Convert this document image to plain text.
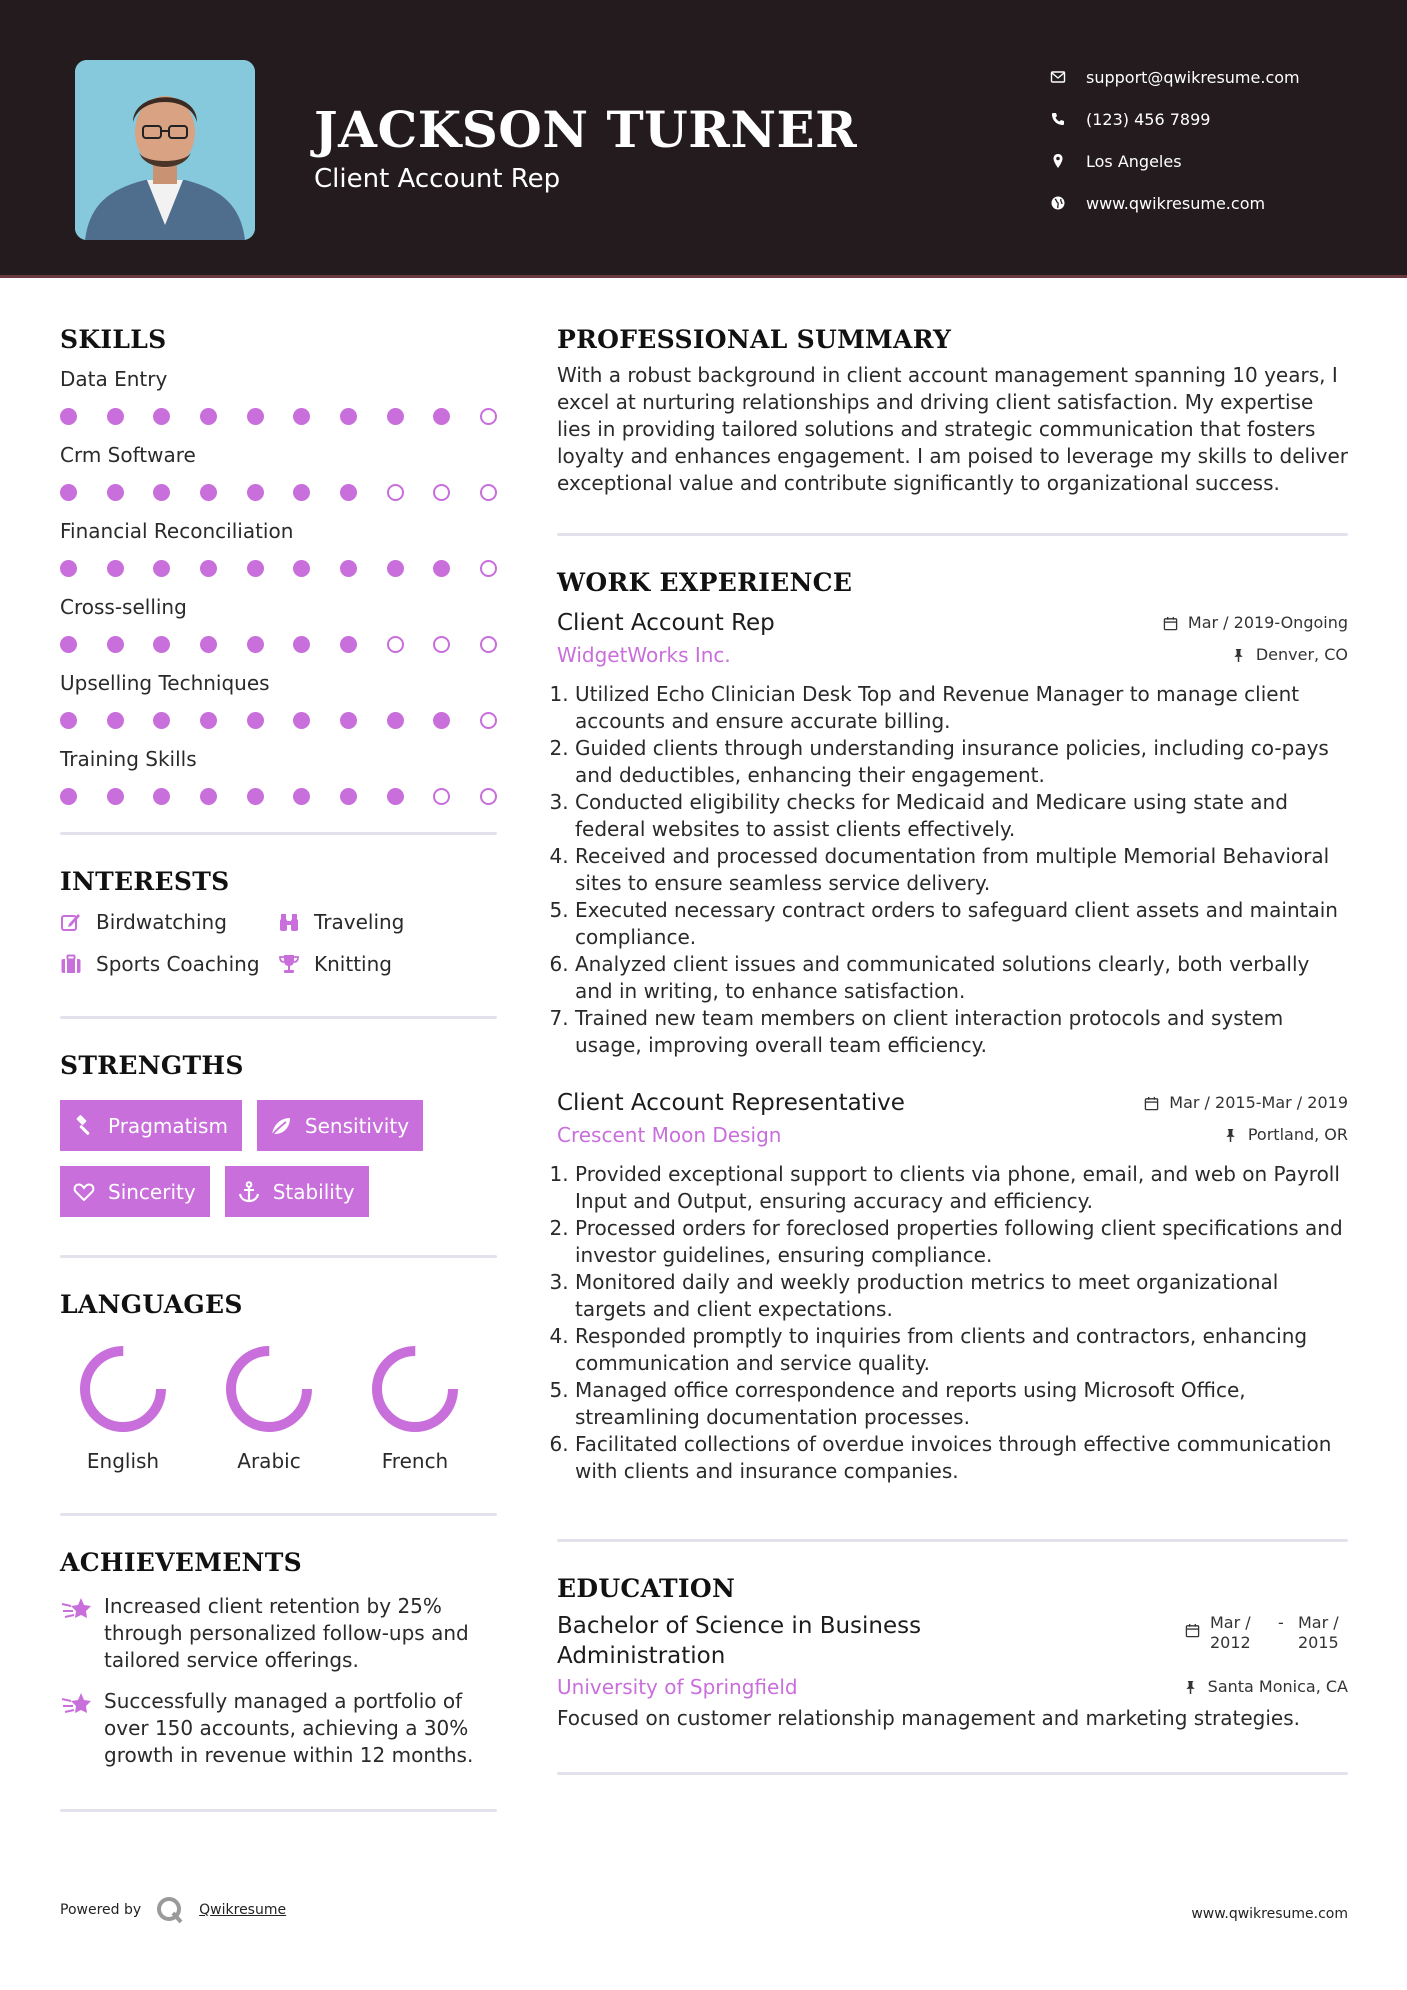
JACKSON TURNER
Client Account Rep
support@qwikresume.com
(123) 456 7899
Los Angeles
www.qwikresume.com
SKILLS
Data Entry
Crm Software
Financial Reconciliation
Cross-selling
Upselling Techniques
Training Skills
INTERESTS
Birdwatching	Traveling
Sports Coaching	Knitting
STRENGTHS
Pragmatism	Sensitivity
Sincerity	Stability
LANGUAGES
English	Arabic	French
ACHIEVEMENTS
Increased client retention by 25% through personalized follow-ups and tailored service offerings.
Successfully managed a portfolio of over 150 accounts, achieving a 30% growth in revenue within 12 months.
PROFESSIONAL SUMMARY
With a robust background in client account management spanning 10 years, I excel at nurturing relationships and driving client satisfaction. My expertise lies in providing tailored solutions and strategic communication that fosters loyalty and enhances engagement. I am poised to leverage my skills to deliver exceptional value and contribute significantly to organizational success.
WORK EXPERIENCE
Client Account Rep	Mar / 2019-Ongoing
WidgetWorks Inc.	Denver, CO
1. Utilized Echo Clinician Desk Top and Revenue Manager to manage client accounts and ensure accurate billing.
2. Guided clients through understanding insurance policies, including co-pays and deductibles, enhancing their engagement.
3. Conducted eligibility checks for Medicaid and Medicare using state and federal websites to assist clients effectively.
4. Received and processed documentation from multiple Memorial Behavioral sites to ensure seamless service delivery.
5. Executed necessary contract orders to safeguard client assets and maintain compliance.
6. Analyzed client issues and communicated solutions clearly, both verbally and in writing, to enhance satisfaction.
7. Trained new team members on client interaction protocols and system usage, improving overall team efficiency.
Client Account Representative	Mar / 2015-Mar / 2019
Crescent Moon Design	Portland, OR
1. Provided exceptional support to clients via phone, email, and web on Payroll Input and Output, ensuring accuracy and efficiency.
2. Processed orders for foreclosed properties following client specifications and investor guidelines, ensuring compliance.
3. Monitored daily and weekly production metrics to meet organizational targets and client expectations.
4. Responded promptly to inquiries from clients and contractors, enhancing communication and service quality.
5. Managed office correspondence and reports using Microsoft Office, streamlining documentation processes.
6. Facilitated collections of overdue invoices through effective communication with clients and insurance companies.
EDUCATION
Bachelor of Science in Business Administration
Mar / 2012
- Mar / 2015
University of Springfield	Santa Monica, CA
Focused on customer relationship management and marketing strategies.
Powered by	Qwikresume	www.qwikresume.com
